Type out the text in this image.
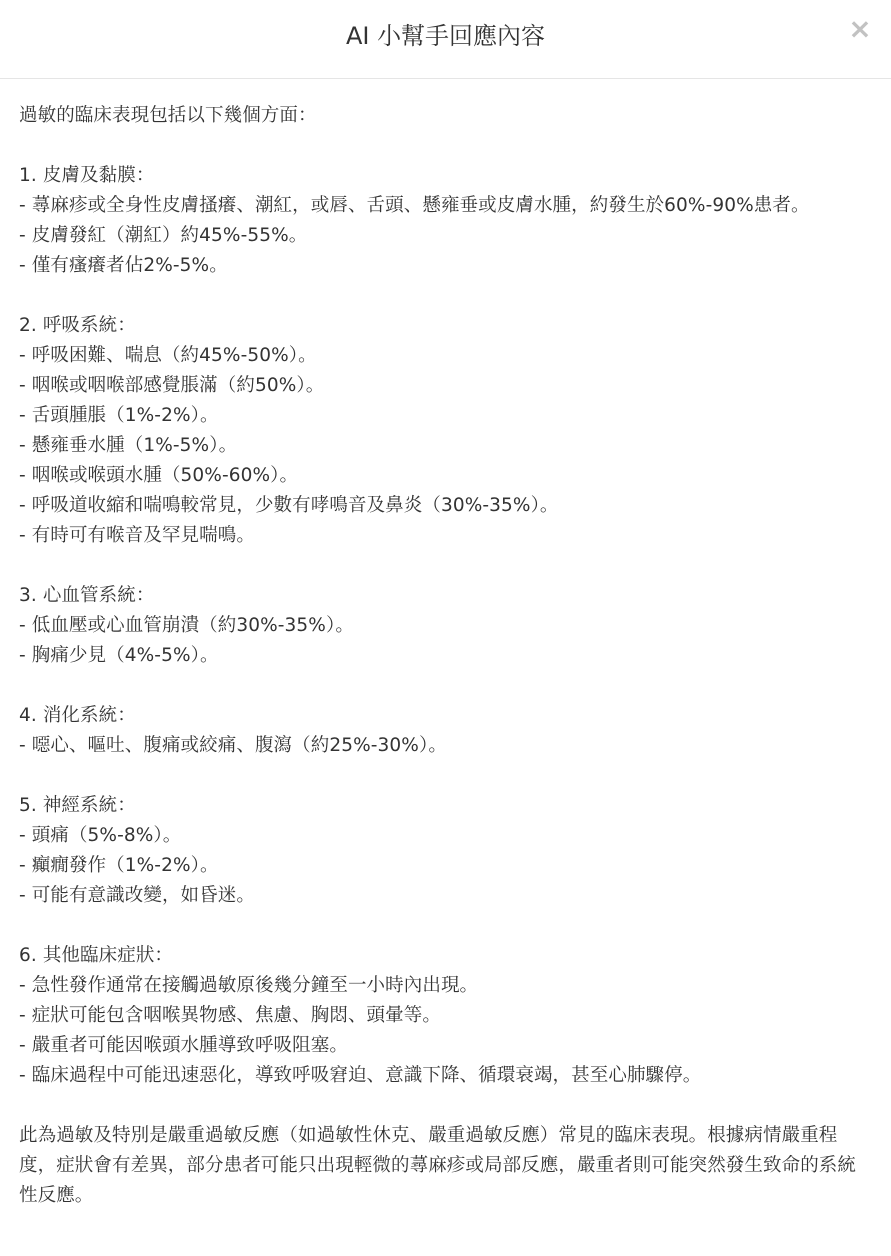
AI 小幫手回應內容	×
過敏的臨床表現包括以下幾個方面：

1. 皮膚及黏膜：
- 蕁麻疹或全身性皮膚搔癢、潮紅，或唇、舌頭、懸雍垂或皮膚水腫，約發生於60%-90%患者。
- 皮膚發紅（潮紅）約45%-55%。
- 僅有瘙癢者佔2%-5%。

2. 呼吸系統：
- 呼吸困難、喘息（約45%-50%）。
- 咽喉或咽喉部感覺脹滿（約50%）。
- 舌頭腫脹（1%-2%）。
- 懸雍垂水腫（1%-5%）。
- 咽喉或喉頭水腫（50%-60%）。
- 呼吸道收縮和喘鳴較常見，少數有哮鳴音及鼻炎（30%-35%）。
- 有時可有喉音及罕見喘鳴。

3. 心血管系統：
- 低血壓或心血管崩潰（約30%-35%）。
- 胸痛少見（4%-5%）。

4. 消化系統：
- 噁心、嘔吐、腹痛或絞痛、腹瀉（約25%-30%）。

5. 神經系統：
- 頭痛（5%-8%）。
- 癲癇發作（1%-2%）。
- 可能有意識改變，如昏迷。

6. 其他臨床症狀：
- 急性發作通常在接觸過敏原後幾分鐘至一小時內出現。
- 症狀可能包含咽喉異物感、焦慮、胸悶、頭暈等。
- 嚴重者可能因喉頭水腫導致呼吸阻塞。
- 臨床過程中可能迅速惡化，導致呼吸窘迫、意識下降、循環衰竭，甚至心肺驟停。

此為過敏及特別是嚴重過敏反應（如過敏性休克、嚴重過敏反應）常見的臨床表現。根據病情嚴重程度，症狀會有差異，部分患者可能只出現輕微的蕁麻疹或局部反應，嚴重者則可能突然發生致命的系統性反應。
